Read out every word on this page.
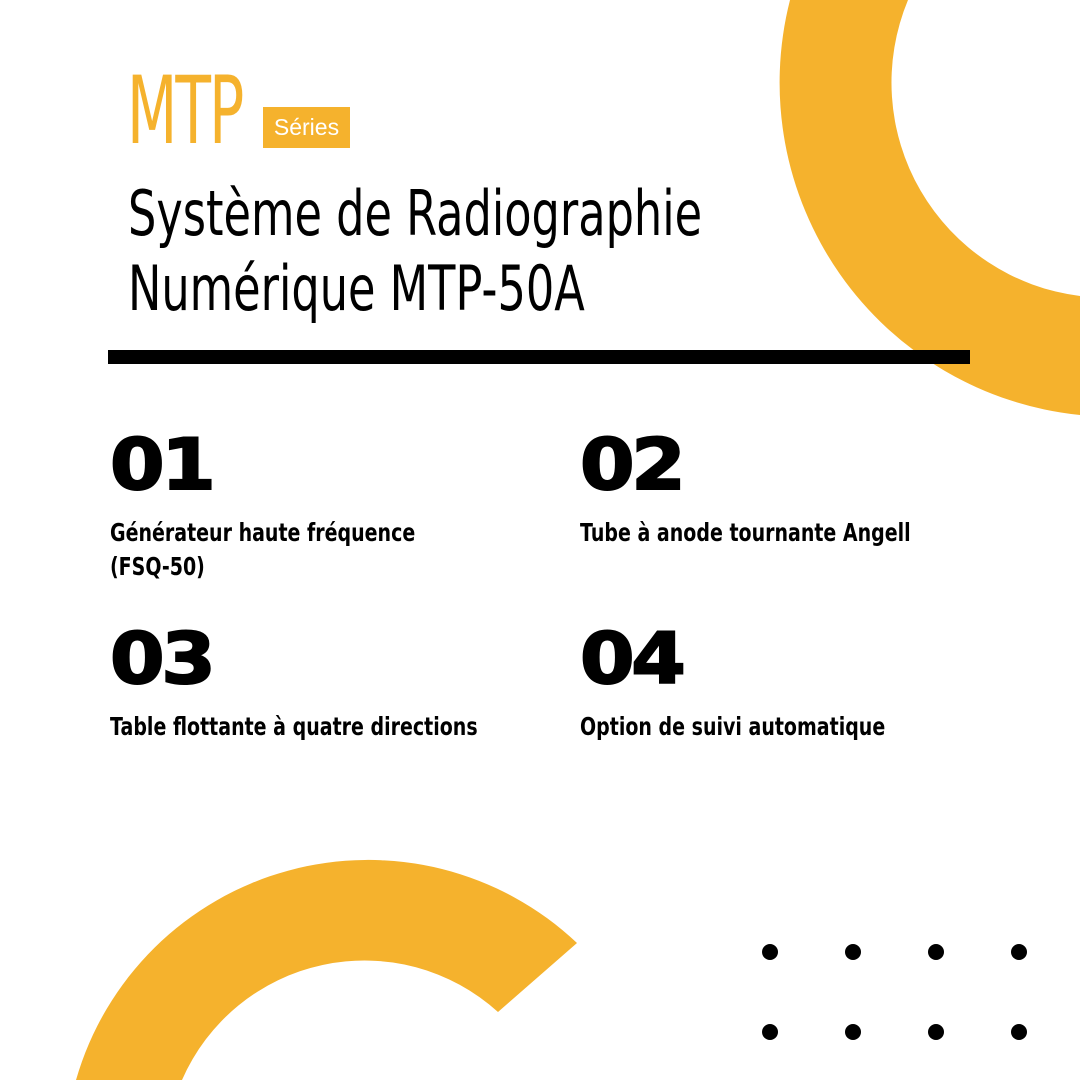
MTP	Séries
Système de Radiographie
Numérique MTP-50A
01
Générateur haute fréquence
(FSQ-50)
02
Tube à anode tournante Angell
03
Table flottante à quatre directions
04
Option de suivi automatique
